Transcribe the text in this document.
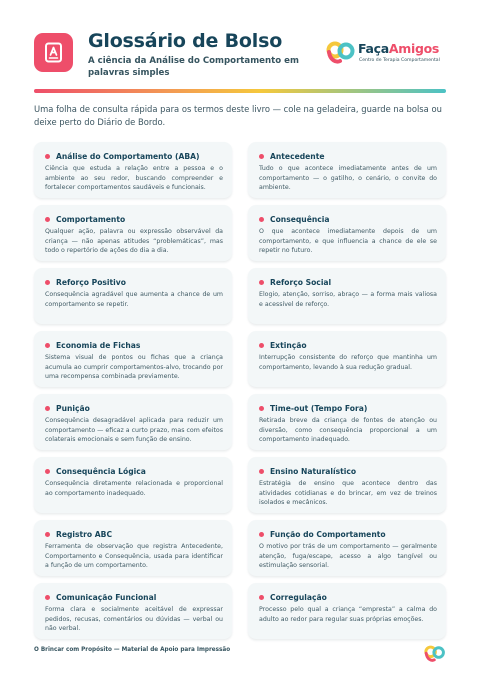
Glossário de Bolso
A ciência da Análise do Comportamento em palavras simples
FaçaAmigos
Centro de Terapia Comportamental

Uma folha de consulta rápida para os termos deste livro — cole na geladeira, guarde na bolsa ou deixe perto do Diário de Bordo.

Análise do Comportamento (ABA)

Ciência que estuda a relação entre a pessoa e o ambiente ao seu redor, buscando compreender e fortalecer comportamentos saudáveis e funcionais.

Antecedente

Tudo o que acontece imediatamente antes de um comportamento — o gatilho, o cenário, o convite do ambiente.

Comportamento

Qualquer ação, palavra ou expressão observável da criança — não apenas atitudes “problemáticas”, mas todo o repertório de ações do dia a dia.

Consequência

O que acontece imediatamente depois de um comportamento, e que influencia a chance de ele se repetir no futuro.

Reforço Positivo

Consequência agradável que aumenta a chance de um comportamento se repetir.

Reforço Social

Elogio, atenção, sorriso, abraço — a forma mais valiosa e acessível de reforço.

Economia de Fichas

Sistema visual de pontos ou fichas que a criança acumula ao cumprir comportamentos-alvo, trocando por uma recompensa combinada previamente.

Extinção

Interrupção consistente do reforço que mantinha um comportamento, levando à sua redução gradual.

Punição

Consequência desagradável aplicada para reduzir um comportamento — eficaz a curto prazo, mas com efeitos colaterais emocionais e sem função de ensino.

Time-out (Tempo Fora)

Retirada breve da criança de fontes de atenção ou diversão, como consequência proporcional a um comportamento inadequado.

Consequência Lógica

Consequência diretamente relacionada e proporcional ao comportamento inadequado.

Ensino Naturalístico

Estratégia de ensino que acontece dentro das atividades cotidianas e do brincar, em vez de treinos isolados e mecânicos.

Registro ABC

Ferramenta de observação que registra Antecedente, Comportamento e Consequência, usada para identificar a função de um comportamento.

Função do Comportamento

O motivo por trás de um comportamento — geralmente atenção, fuga/escape, acesso a algo tangível ou estimulação sensorial.

Comunicação Funcional

Forma clara e socialmente aceitável de expressar pedidos, recusas, comentários ou dúvidas — verbal ou não verbal.

Corregulação

Processo pelo qual a criança “empresta” a calma do adulto ao redor para regular suas próprias emoções.

O Brincar com Propósito — Material de Apoio para Impressão
